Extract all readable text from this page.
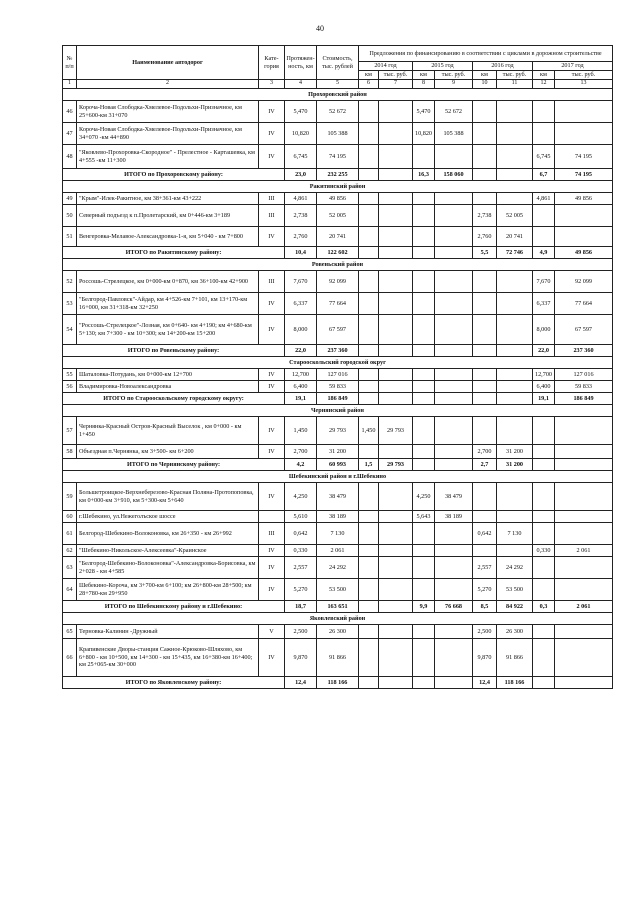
40
№ п/п	Наименование автодорог	Кате- гория	Протяжен- ность, км	Стоимость, тыс. рублей	Предложения по финансированию в соответствии с циклами в дорожном строительстве							
					2014 год		2015 год		2016 год		2017 год	
					км	тыс. руб.	км	тыс. руб.	км	тыс. руб.	км	тыс. руб.
1	2	3	4	5	6	7	8	9	10	11	12	13
Прохоровский район												
46	Корочa-Новая Слободка-Хмелевое-Подольхи-Призначное, км 25+600-км 31+070	IV	5,470	52 672			5,470	52 672				
47	Короча-Новая Слободка-Хмелевое-Подольхи-Призначное, км 34+070 -км 44+890	IV	10,820	105 388			10,820	105 388				
48	"Яковлево-Прохоровка-Скородное" - Прелестное - Карташевка, км 4+555 -км 11+300	IV	6,745	74 195							6,745	74 195
ИТОГО по Прохоровскому району:			23,0	232 255			16,3	158 060			6,7	74 195
Ракитянский район												
49	"Крым"-Илек-Ракитное, км 38+361-км 43+222	III	4,861	49 856							4,861	49 856
50	Северный подъезд к п.Пролетарский, км 0+446-км 3+189	III	2,738	52 005					2,738	52 005		
51	Венгеровка-Мелавое-Александровка-1-я, км 5+040 - км 7+800	IV	2,760	20 741					2,760	20 741		
ИТОГО по Ракитянскому району:			10,4	122 602					5,5	72 746	4,9	49 856
Ровеньский район												
52	Россошь-Стрелецкое, км 0+000-км 0+870, км 36+100-км 42+900	III	7,670	92 099							7,670	92 099
53	"Белгород-Павловск"-Айдар, км 4+526-км 7+101, км 13+170-км 16+000, км 31+318-км 32+250	IV	6,337	77 664							6,337	77 664
54	"Россошь-Стрелецкое"-Лозная, км 0+640- км 4+190; км 4+680-км 5+130; км 7+300 - км 10+300; км 14+200-км 15+200	IV	8,000	67 597							8,000	67 597
ИТОГО по Ровеньскому району:			22,0	237 360							22,0	237 360
Старооскольский городской округ												
55	Шаталовка-Потудань, км 0+000-км 12+700	IV	12,700	127 016							12,700	127 016
56	Владимировка-Новоалександровка	IV	6,400	59 833							6,400	59 833
ИТОГО по Старооскольскому городскому округу:			19,1	186 849							19,1	186 849
Чернянский район												
57	Чернянка-Красный Остров-Красный Выселок , км 0+000 - км 1+450	IV	1,450	29 793	1,450	29 793						
58	Объездная п.Чернянка, км 3+500- км 6+200	IV	2,700	31 200					2,700	31 200		
ИТОГО по Чернянскому району:			4,2	60 993	1,5	29 793			2,7	31 200		
Шебекинский район и г.Шебекино												
59	Большетроицкое-Верхнеберезово-Красная Поляна-Протопоповка, км 0+000-км 3+910, км 5+300-км 5+640	IV	4,250	38 479			4,250	38 479				
60	г.Шебекино, ул.Нежеголъское шоссе		5,610	38 189			5,643	38 189				
61	Белгород-Шебекино-Волоконовка, км 26+350 - км 26+992	III	0,642	7 130					0,642	7 130		
62	"Шебекино-Никольское-Алексеевка"-Краинское	IV	0,330	2 061							0,330	2 061
63	"Белгород-Шебекино-Волоконовка"-Александровка-Борисовка, км 2+028 - км 4+585	IV	2,557	24 292					2,557	24 292		
64	Шебекино-Короча, км 3+700-км 6+100; км 26+800-км 28+500; км 28+780-км 29+950	IV	5,270	53 500					5,270	53 500		
ИТОГО по Шебекинскому району и г.Шебекино:			18,7	163 651			9,9	76 668	8,5	84 922	0,3	2 061
Яковлевский район												
65	Терновка-Калинин -Дружный	V	2,500	26 300					2,500	26 300		
66	Крапивенские Дворы-станция Сажное-Крюково-Шляхово, км 6+800 - км 10+500, км 14+300 - км 15+435, км 16+380-км 16+400; км 25+065-км 30+000	IV	9,870	91 866					9,870	91 866		
ИТОГО по Яковлевскому району:			12,4	118 166					12,4	118 166		
